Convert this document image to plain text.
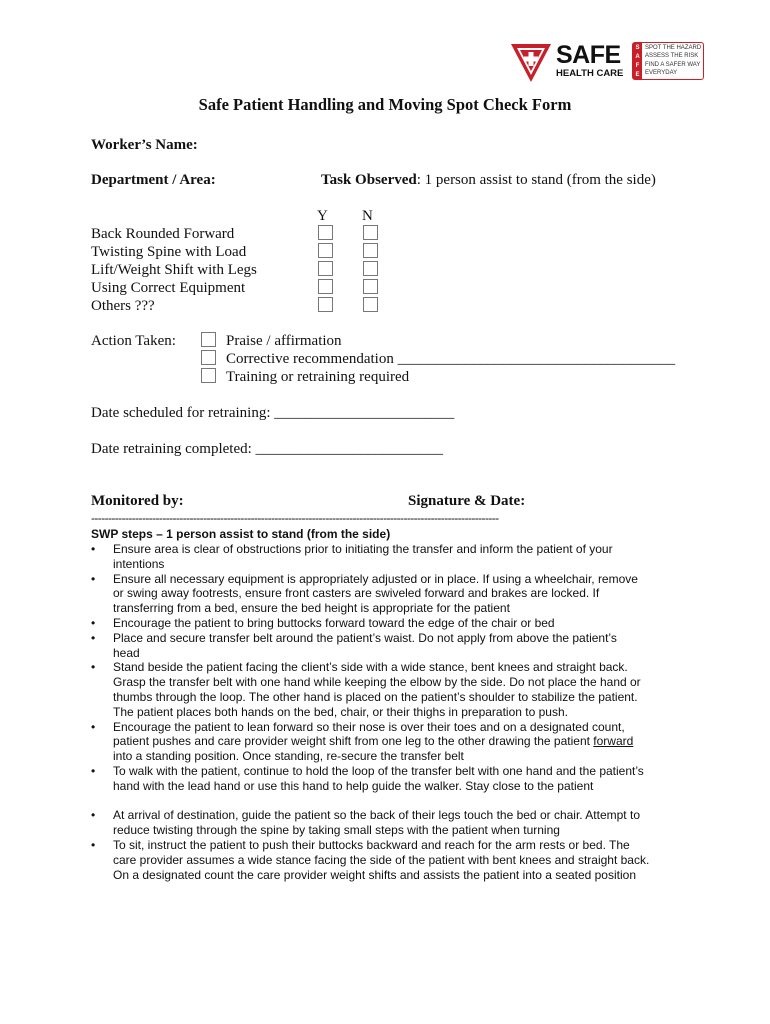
SAFE
HEALTH CARE
SAFE
SPOT THE HAZARD
ASSESS THE RISK
FIND A SAFER WAY
EVERYDAY
Safe Patient Handling and Moving Spot Check Form
Worker’s Name:
Department / Area:	Task Observed: 1 person assist to stand (from the side)
Y N
Back Rounded Forward
Twisting Spine with Load
Lift/Weight Shift with Legs
Using Correct Equipment
Others ???
Action Taken:	Praise / affirmation
Corrective recommendation _____________________________________
Training or retraining required
Date scheduled for retraining: ________________________
Date retraining completed: _________________________
Monitored by:	Signature & Date:
------------------------------------------------------------------------------------------------------------------------
SWP steps – 1 person assist to stand (from the side)
• Ensure area is clear of obstructions prior to initiating the transfer and inform the patient of your
intentions
• Ensure all necessary equipment is appropriately adjusted or in place. If using a wheelchair, remove
or swing away footrests, ensure front casters are swiveled forward and brakes are locked. If
transferring from a bed, ensure the bed height is appropriate for the patient
• Encourage the patient to bring buttocks forward toward the edge of the chair or bed
• Place and secure transfer belt around the patient’s waist. Do not apply from above the patient’s
head
• Stand beside the patient facing the client’s side with a wide stance, bent knees and straight back.
Grasp the transfer belt with one hand while keeping the elbow by the side. Do not place the hand or
thumbs through the loop. The other hand is placed on the patient’s shoulder to stabilize the patient.
The patient places both hands on the bed, chair, or their thighs in preparation to push.
• Encourage the patient to lean forward so their nose is over their toes and on a designated count,
patient pushes and care provider weight shift from one leg to the other drawing the patient forward
into a standing position. Once standing, re-secure the transfer belt
• To walk with the patient, continue to hold the loop of the transfer belt with one hand and the patient’s
hand with the lead hand or use this hand to help guide the walker. Stay close to the patient
• At arrival of destination, guide the patient so the back of their legs touch the bed or chair. Attempt to
reduce twisting through the spine by taking small steps with the patient when turning
• To sit, instruct the patient to push their buttocks backward and reach for the arm rests or bed. The
care provider assumes a wide stance facing the side of the patient with bent knees and straight back.
On a designated count the care provider weight shifts and assists the patient into a seated position
